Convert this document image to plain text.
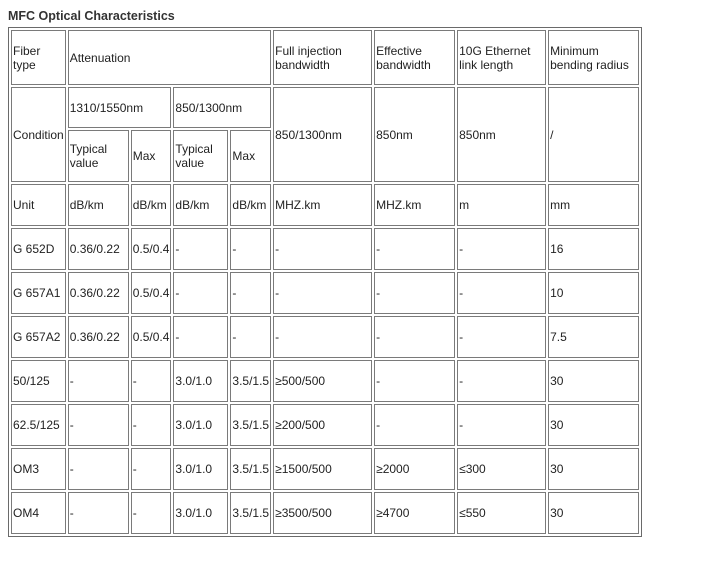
MFC Optical Characteristics
Fiber type	Attenuation				Full injection bandwidth	Effective bandwidth	10G Ethernet link length	Minimum bending radius
Condition	1310/1550nm		850/1300nm		850/1300nm	850nm	850nm	/
	Typical value	Max	Typical value	Max				
Unit	dB/km	dB/km	dB/km	dB/km	MHZ.km	MHZ.km	m	mm
G 652D	0.36/0.22	0.5/0.4	-	-	-	-	-	16
G 657A1	0.36/0.22	0.5/0.4	-	-	-	-	-	10
G 657A2	0.36/0.22	0.5/0.4	-	-	-	-	-	7.5
50/125	-	-	3.0/1.0	3.5/1.5	≥500/500	-	-	30
62.5/125	-	-	3.0/1.0	3.5/1.5	≥200/500	-	-	30
OM3	-	-	3.0/1.0	3.5/1.5	≥1500/500	≥2000	≤300	30
OM4	-	-	3.0/1.0	3.5/1.5	≥3500/500	≥4700	≤550	30
